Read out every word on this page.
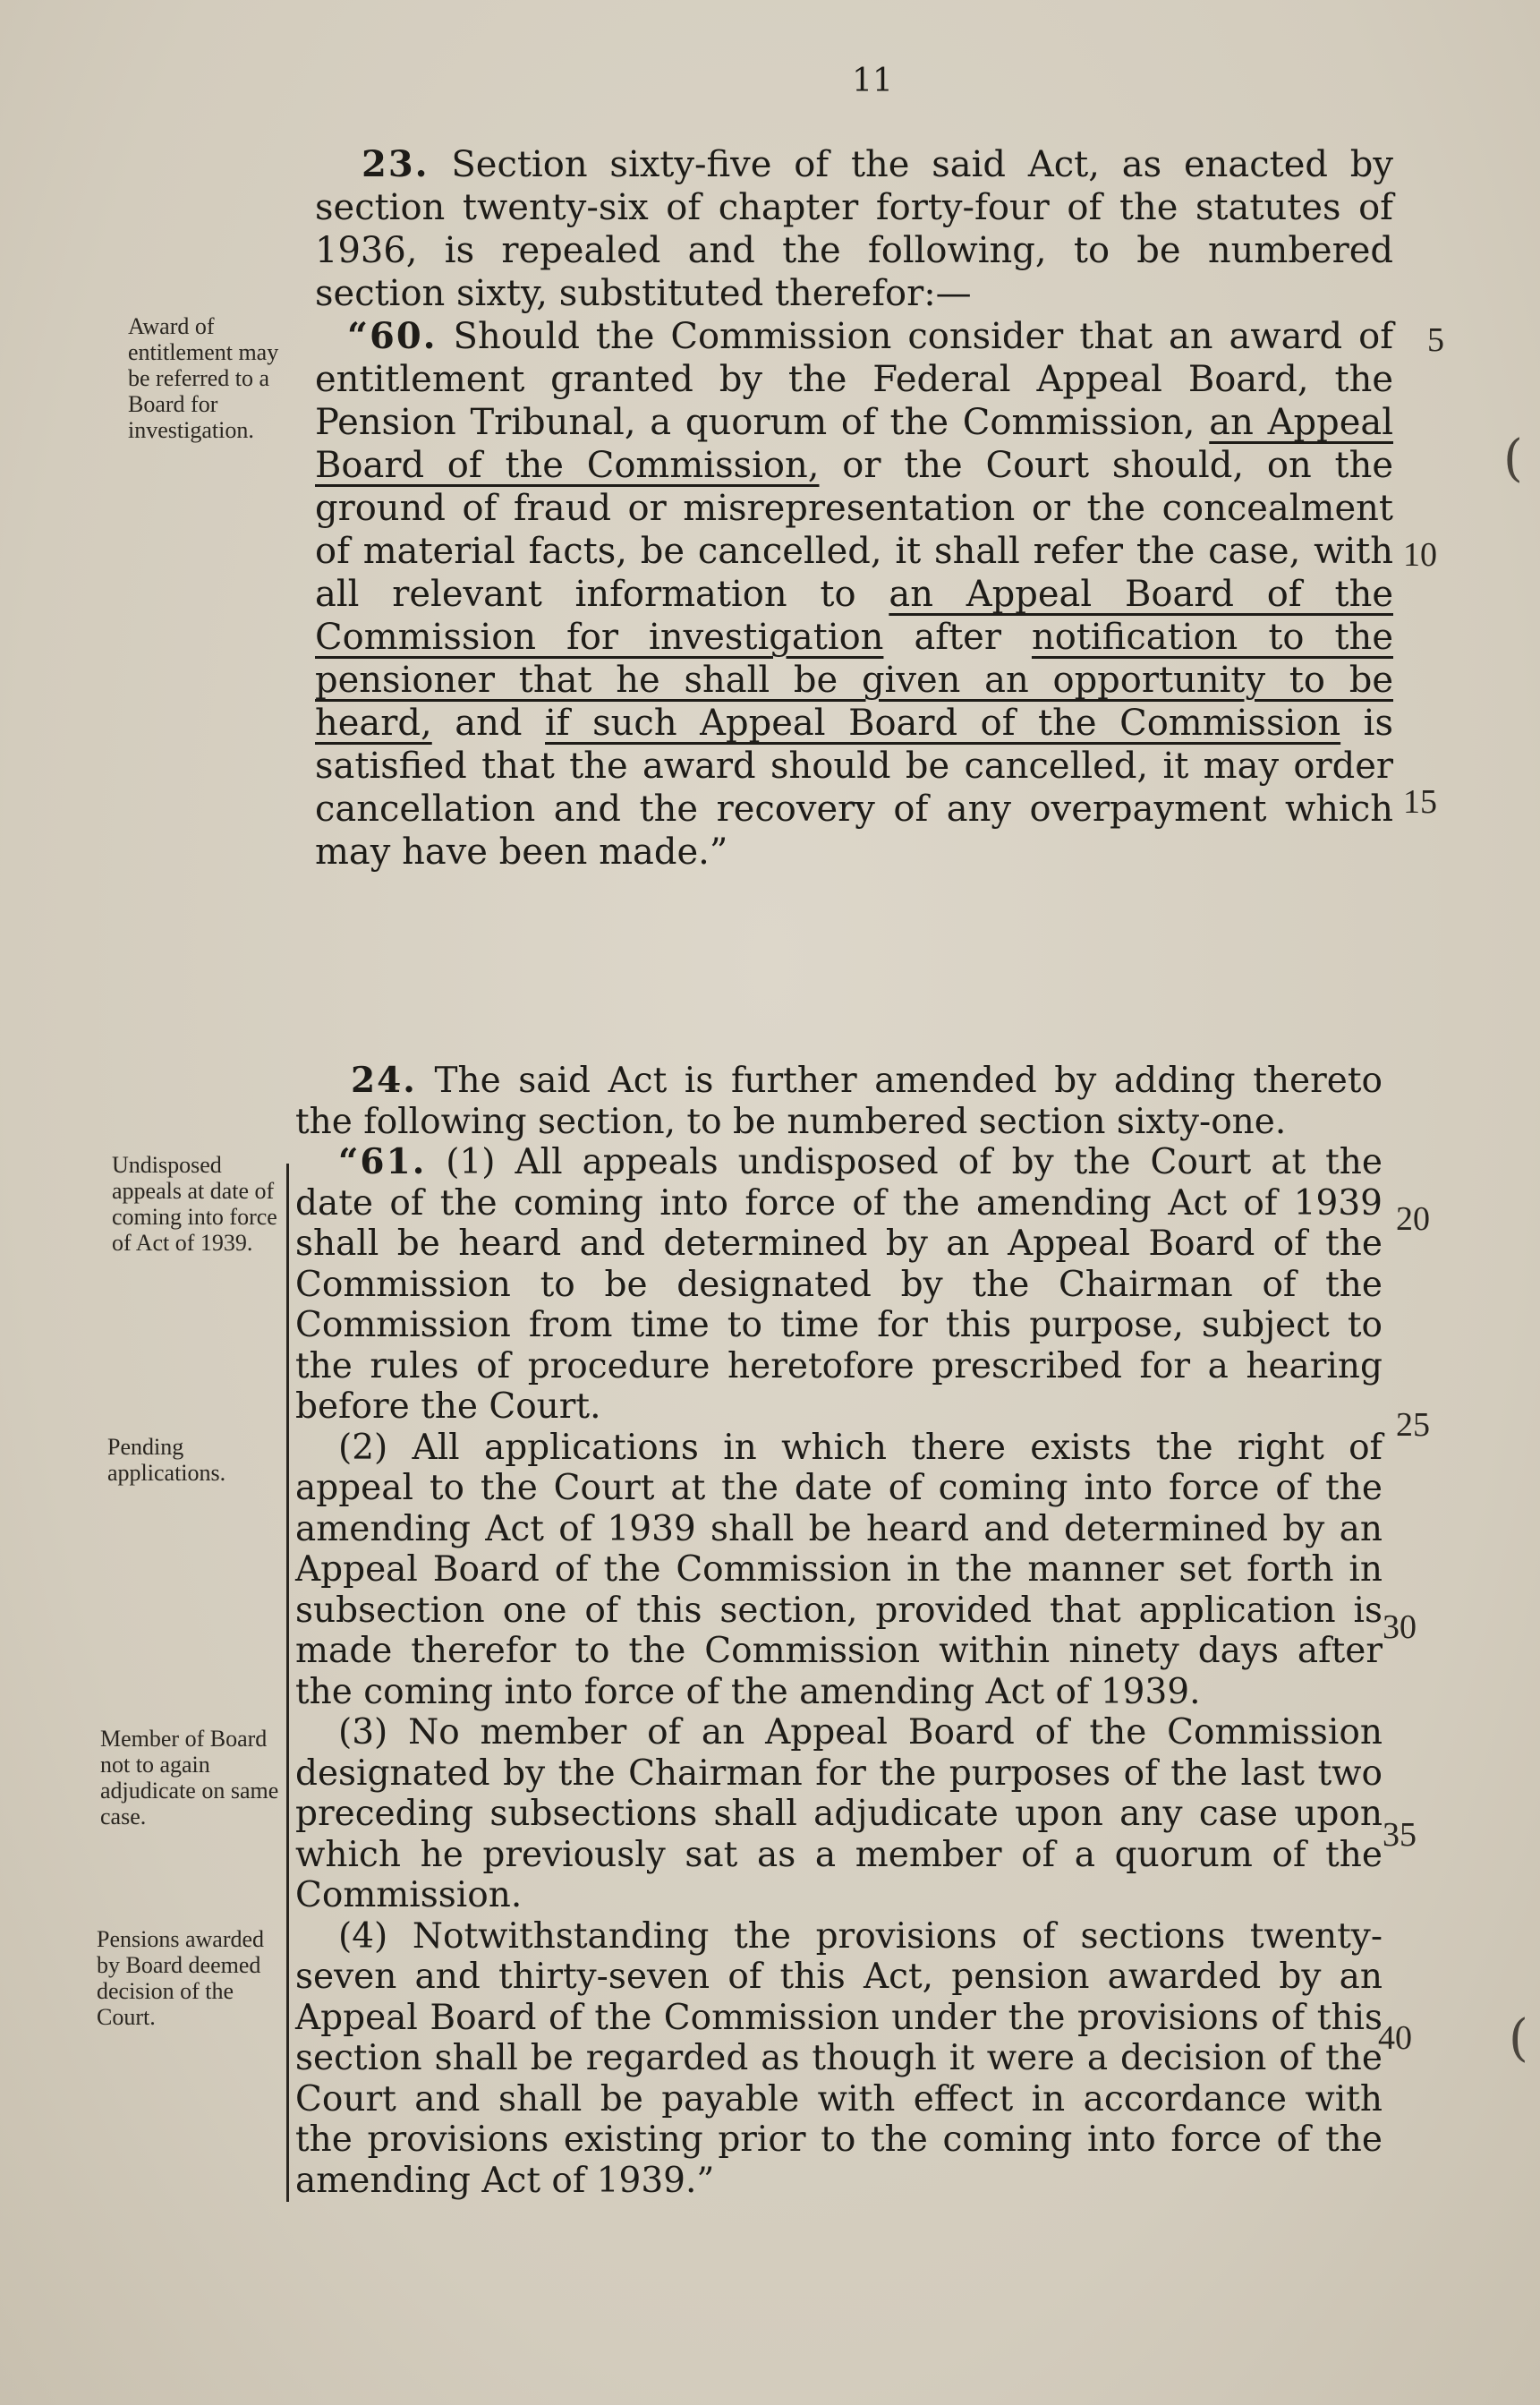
11

23. Section sixty-five of the said Act, as enacted by section twenty-six of chapter forty-four of the statutes of 1936, is repealed and the following, to be numbered section sixty, substituted therefor:—

“60. Should the Commission consider that an award of entitlement granted by the Federal Appeal Board, the Pension Tribunal, a quorum of the Commission, an Appeal Board of the Commission, or the Court should, on the ground of fraud or misrepresentation or the concealment of material facts, be cancelled, it shall refer the case, with all relevant information to an Appeal Board of the Commission for investigation after notification to the pensioner that he shall be given an opportunity to be heard, and if such Appeal Board of the Commission is satisfied that the award should be cancelled, it may order cancellation and the recovery of any overpayment which may have been made.”

24. The said Act is further amended by adding thereto the following section, to be numbered section sixty-one.

“61. (1) All appeals undisposed of by the Court at the date of the coming into force of the amending Act of 1939 shall be heard and determined by an Appeal Board of the Commission to be designated by the Chairman of the Commission from time to time for this purpose, subject to the rules of procedure heretofore prescribed for a hearing before the Court.

(2) All applications in which there exists the right of appeal to the Court at the date of coming into force of the amending Act of 1939 shall be heard and determined by an Appeal Board of the Commission in the manner set forth in subsection one of this section, provided that application is made therefor to the Commission within ninety days after the coming into force of the amending Act of 1939.

(3) No member of an Appeal Board of the Commission designated by the Chairman for the purposes of the last two preceding subsections shall adjudicate upon any case upon which he previously sat as a member of a quorum of the Commission.

(4) Notwithstanding the provisions of sections twenty-seven and thirty-seven of this Act, pension awarded by an Appeal Board of the Commission under the provisions of this section shall be regarded as though it were a decision of the Court and shall be payable with effect in accordance with the provisions existing prior to the coming into force of the amending Act of 1939.”

Award of entitlement may be referred to a Board for investigation.
Undisposed appeals at date of coming into force of Act of 1939.
Pending applications.
Member of Board not to again adjudicate on same case.
Pensions awarded by Board deemed decision of the Court.
5
10
15
20
25
30
35
40
(
(
